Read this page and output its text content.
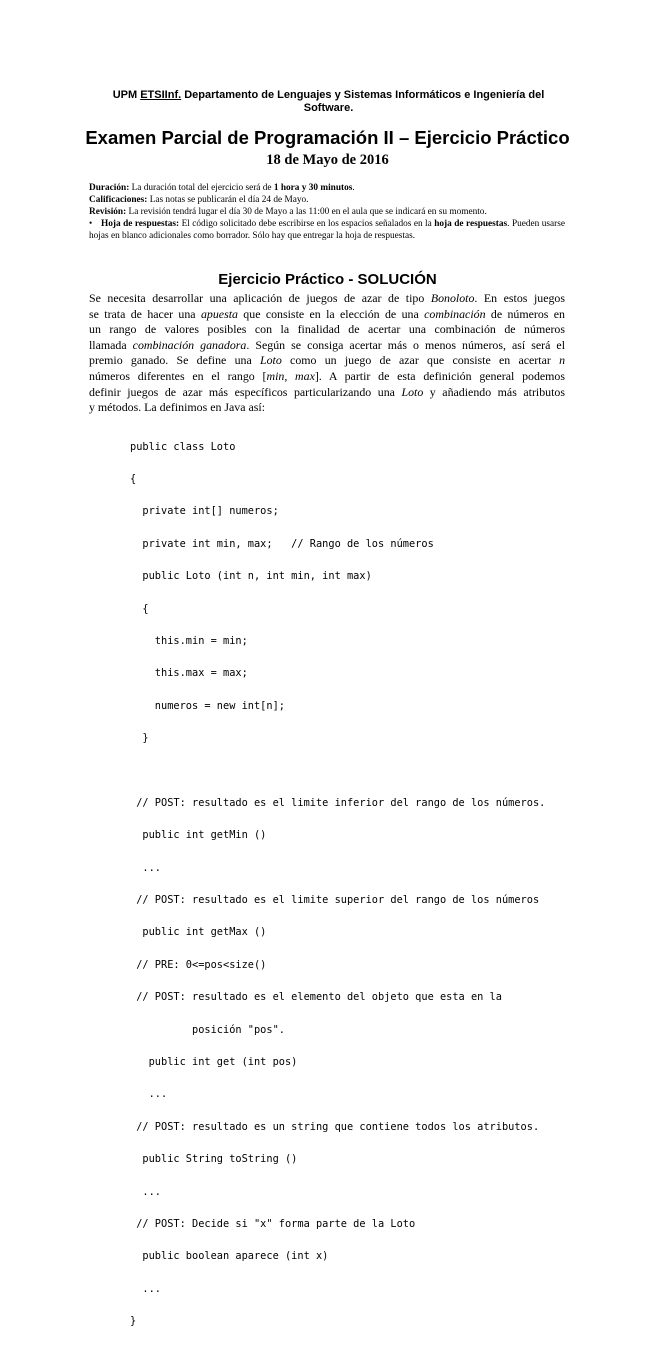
UPM ETSIInf. Departamento de Lenguajes y Sistemas Informáticos e Ingeniería del
Software.
Examen Parcial de Programación II – Ejercicio Práctico
18 de Mayo de 2016
Duración: La duración total del ejercicio será de 1 hora y 30 minutos.
Calificaciones: Las notas se publicarán el día 24 de Mayo.
Revisión: La revisión tendrá lugar el día 30 de Mayo a las 11:00 en el aula que se indicará en su momento.
• Hoja de respuestas: El código solicitado debe escribirse en los espacios señalados en la hoja de respuestas. Pueden usarse hojas en blanco adicionales como borrador. Sólo hay que entregar la hoja de respuestas.
Ejercicio Práctico - SOLUCIÓN
Se necesita desarrollar una aplicación de juegos de azar de tipo Bonoloto. En estos juegos
se trata de hacer una apuesta que consiste en la elección de una combinación de números en
un rango de valores posibles con la finalidad de acertar una combinación de números
llamada combinación ganadora. Según se consiga acertar más o menos números, así será el
premio ganado. Se define una Loto como un juego de azar que consiste en acertar n
números diferentes en el rango [min, max]. A partir de esta definición general podemos
definir juegos de azar más específicos particularizando una Loto y añadiendo más atributos
y métodos. La definimos en Java así:

public class Loto

{

private int[] numeros;

private int min, max;   // Rango de los números

public Loto (int n, int min, int max)

{

this.min = min;

this.max = max;

numeros = new int[n];

}

// POST: resultado es el limite inferior del rango de los números.

public int getMin ()

...

// POST: resultado es el limite superior del rango de los números

public int getMax ()

// PRE: 0<=pos<size()

// POST: resultado es el elemento del objeto que esta en la

posición "pos".

public int get (int pos)

...

// POST: resultado es un string que contiene todos los atributos.

public String toString ()

...

// POST: Decide si "x" forma parte de la Loto

public boolean aparece (int x)

...

}
